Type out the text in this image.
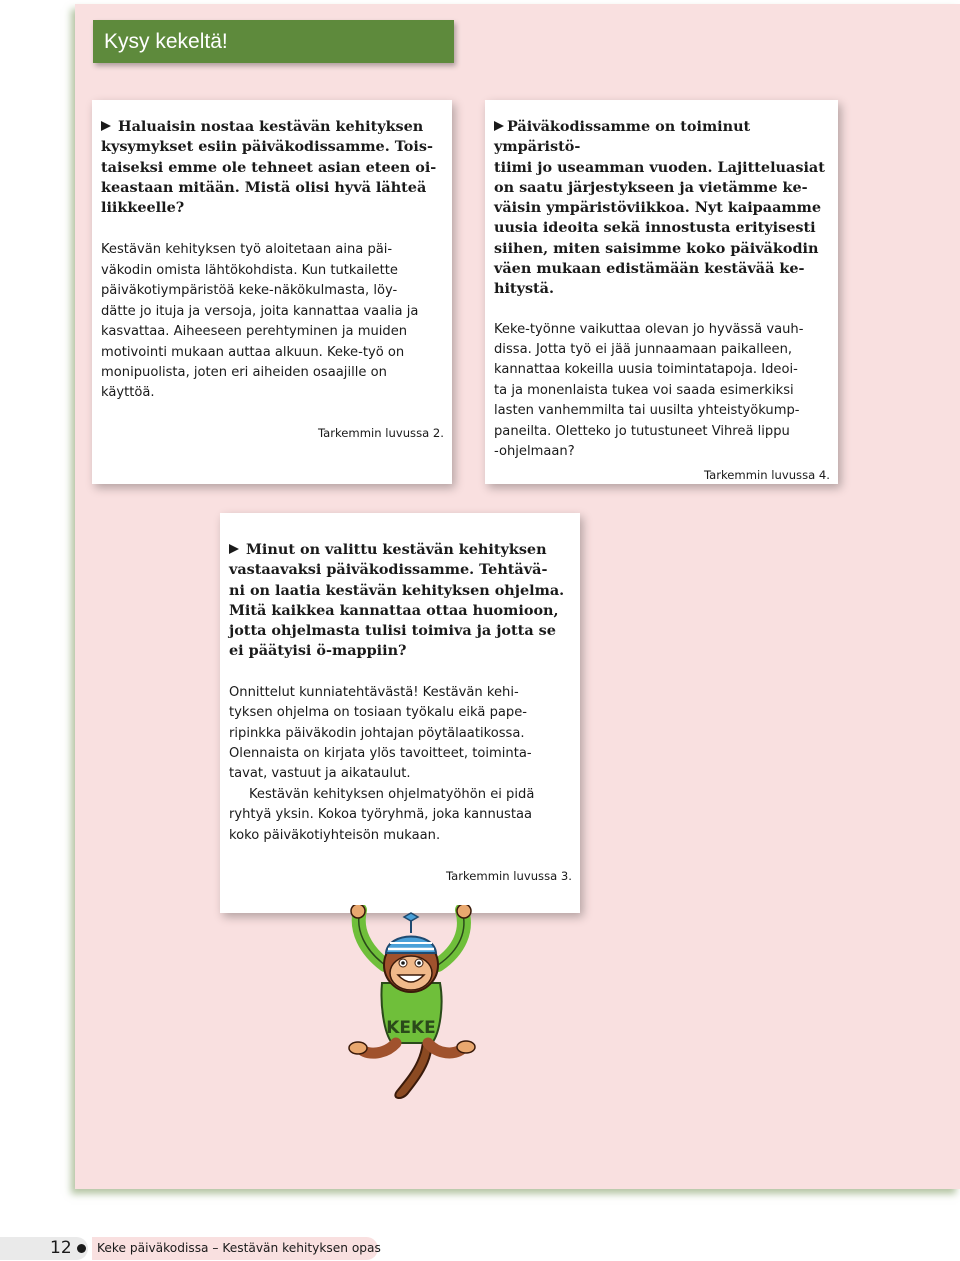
Kysy kekeltä!
Haluaisin nostaa kestävän kehityksen
kysymykset esiin päiväkodissamme. Tois-
taiseksi emme ole tehneet asian eteen oi-
keastaan mitään. Mistä olisi hyvä lähteä
liikkeelle?
Kestävän kehityksen työ aloitetaan aina päi-
väkodin omista lähtökohdista. Kun tutkailette
päiväkotiympäristöä keke-näkökulmasta, löy-
dätte jo ituja ja versoja, joita kannattaa vaalia ja
kasvattaa. Aiheeseen perehtyminen ja muiden
motivointi mukaan auttaa alkuun. Keke-työ on
monipuolista, joten eri aiheiden osaajille on
käyttöä.
Tarkemmin luvussa 2.
Päiväkodissamme on toiminut ympäristö-
tiimi jo useamman vuoden. Lajitteluasiat
on saatu järjestykseen ja vietämme ke-
väisin ympäristöviikkoa. Nyt kaipaamme
uusia ideoita sekä innostusta erityisesti
siihen, miten saisimme koko päiväkodin
väen mukaan edistämään kestävää ke-
hitystä.
Keke-työnne vaikuttaa olevan jo hyvässä vauh-
dissa. Jotta työ ei jää junnaamaan paikalleen,
kannattaa kokeilla uusia toimintatapoja. Ideoi-
ta ja monenlaista tukea voi saada esimerkiksi
lasten vanhemmilta tai uusilta yhteistyökump-
paneilta. Oletteko jo tutustuneet Vihreä lippu
-ohjelmaan?
Tarkemmin luvussa 4.
Minut on valittu kestävän kehityksen
vastaavaksi päiväkodissamme. Tehtävä-
ni on laatia kestävän kehityksen ohjelma.
Mitä kaikkea kannattaa ottaa huomioon,
jotta ohjelmasta tulisi toimiva ja jotta se
ei päätyisi ö-mappiin?
Onnittelut kunniatehtävästä! Kestävän kehi-
tyksen ohjelma on tosiaan työkalu eikä pape-
ripinkka päiväkodin johtajan pöytälaatikossa.
Olennaista on kirjata ylös tavoitteet, toiminta-
tavat, vastuut ja aikataulut.
Kestävän kehityksen ohjelmatyöhön ei pidä
ryhtyä yksin. Kokoa työryhmä, joka kannustaa
koko päiväkotiyhteisön mukaan.
Tarkemmin luvussa 3.
KEKE
12 Keke päiväkodissa – Kestävän kehityksen opas
